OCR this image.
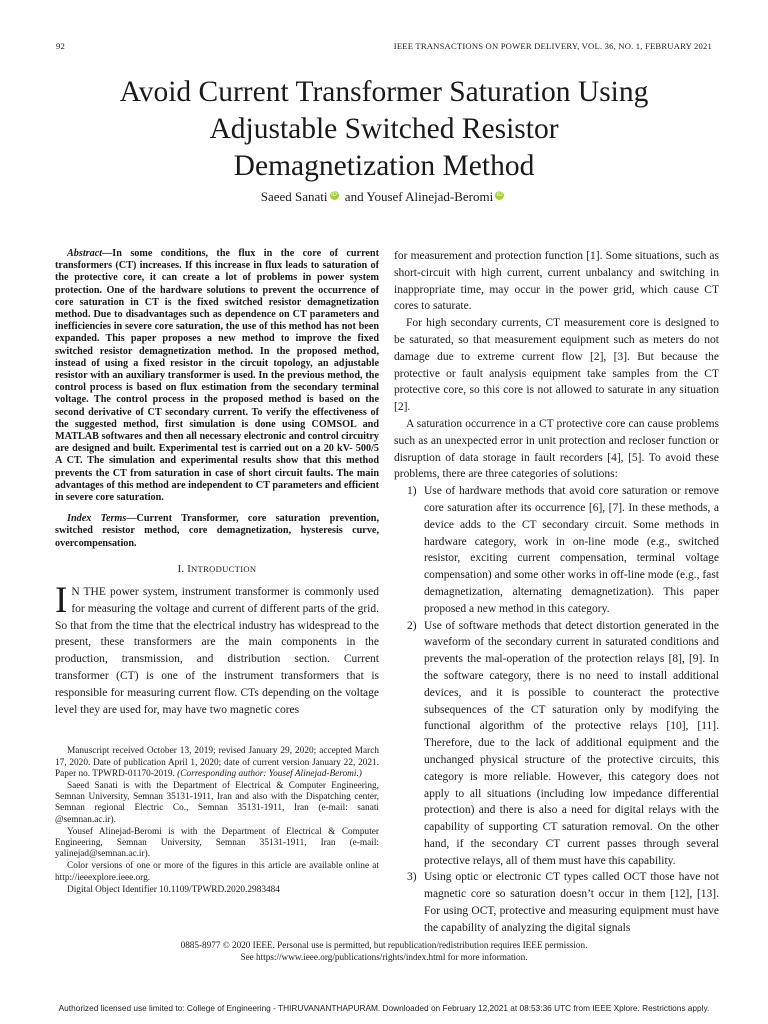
92	IEEE TRANSACTIONS ON POWER DELIVERY, VOL. 36, NO. 1, FEBRUARY 2021
Avoid Current Transformer Saturation Using
Adjustable Switched Resistor
Demagnetization Method
Saeed Sanati iD and Yousef Alinejad-Beromi iD

Abstract—In some conditions, the flux in the core of current transformers (CT) increases. If this increase in flux leads to saturation of the protective core, it can create a lot of problems in power system protection. One of the hardware solutions to prevent the occurrence of core saturation in CT is the fixed switched resistor demagnetization method. Due to disadvantages such as dependence on CT parameters and inefficiencies in severe core saturation, the use of this method has not been expanded. This paper proposes a new method to improve the fixed switched resistor demagnetization method. In the proposed method, instead of using a fixed resistor in the circuit topology, an adjustable resistor with an auxiliary transformer is used. In the previous method, the control process is based on flux estimation from the secondary terminal voltage. The control process in the proposed method is based on the second derivative of CT secondary current. To verify the effectiveness of the suggested method, first simulation is done using COMSOL and MATLAB softwares and then all necessary electronic and control circuitry are designed and built. Experimental test is carried out on a 20 kV- 500/5 A CT. The simulation and experimental results show that this method prevents the CT from saturation in case of short circuit faults. The main advantages of this method are independent to CT parameters and efficient in severe core saturation.

Index Terms—Current Transformer, core saturation prevention, switched resistor method, core demagnetization, hysteresis curve, overcompensation.

I. INTRODUCTION

I N THE power system, instrument transformer is commonly used for measuring the voltage and current of different parts of the grid. So that from the time that the electrical industry has widespread to the present, these transformers are the main components in the production, transmission, and distribution section. Current transformer (CT) is one of the instrument transformers that is responsible for measuring current flow. CTs depending on the voltage level they are used for, may have two magnetic cores

Manuscript received October 13, 2019; revised January 29, 2020; accepted March 17, 2020. Date of publication April 1, 2020; date of current version January 22, 2021. Paper no. TPWRD-01170-2019. (Corresponding author: Yousef Alinejad-Beromi.)

Saeed Sanati is with the Department of Electrical & Computer Engineering, Semnan University, Semnan 35131-1911, Iran and also with the Dispatching center, Semnan regional Electric Co., Semnan 35131-1911, Iran (e-mail: sanati @semnan.ac.ir).

Yousef Alinejad-Beromi is with the Department of Electrical & Computer Engineering, Semnan University, Semnan 35131-1911, Iran (e-mail: yalinejad@semnan.ac.ir).

Color versions of one or more of the figures in this article are available online at http://ieeexplore.ieee.org.

Digital Object Identifier 10.1109/TPWRD.2020.2983484

for measurement and protection function [1]. Some situations, such as short-circuit with high current, current unbalancy and switching in inappropriate time, may occur in the power grid, which cause CT cores to saturate.

For high secondary currents, CT measurement core is designed to be saturated, so that measurement equipment such as meters do not damage due to extreme current flow [2], [3]. But because the protective or fault analysis equipment take samples from the CT protective core, so this core is not allowed to saturate in any situation [2].

A saturation occurrence in a CT protective core can cause problems such as an unexpected error in unit protection and recloser function or disruption of data storage in fault recorders [4], [5]. To avoid these problems, there are three categories of solutions:

1) Use of hardware methods that avoid core saturation or remove core saturation after its occurrence [6], [7]. In these methods, a device adds to the CT secondary circuit. Some methods in hardware category, work in on-line mode (e.g., switched resistor, exciting current compensation, terminal voltage compensation) and some other works in off-line mode (e.g., fast demagnetization, alternating demagnetization). This paper proposed a new method in this category.
2) Use of software methods that detect distortion generated in the waveform of the secondary current in saturated conditions and prevents the mal-operation of the protection relays [8], [9]. In the software category, there is no need to install additional devices, and it is possible to counteract the protective subsequences of the CT saturation only by modifying the functional algorithm of the protective relays [10], [11]. Therefore, due to the lack of additional equipment and the unchanged physical structure of the protective circuits, this category is more reliable. However, this category does not apply to all situations (including low impedance differential protection) and there is also a need for digital relays with the capability of supporting CT saturation removal. On the other hand, if the secondary CT current passes through several protective relays, all of them must have this capability.
3) Using optic or electronic CT types called OCT those have not magnetic core so saturation doesn’t occur in them [12], [13]. For using OCT, protective and measuring equipment must have the capability of analyzing the digital signals
0885-8977 © 2020 IEEE. Personal use is permitted, but republication/redistribution requires IEEE permission.
See https://www.ieee.org/publications/rights/index.html for more information.
Authorized licensed use limited to: College of Engineering - THIRUVANANTHAPURAM. Downloaded on February 12,2021 at 08:53:36 UTC from IEEE Xplore. Restrictions apply.
